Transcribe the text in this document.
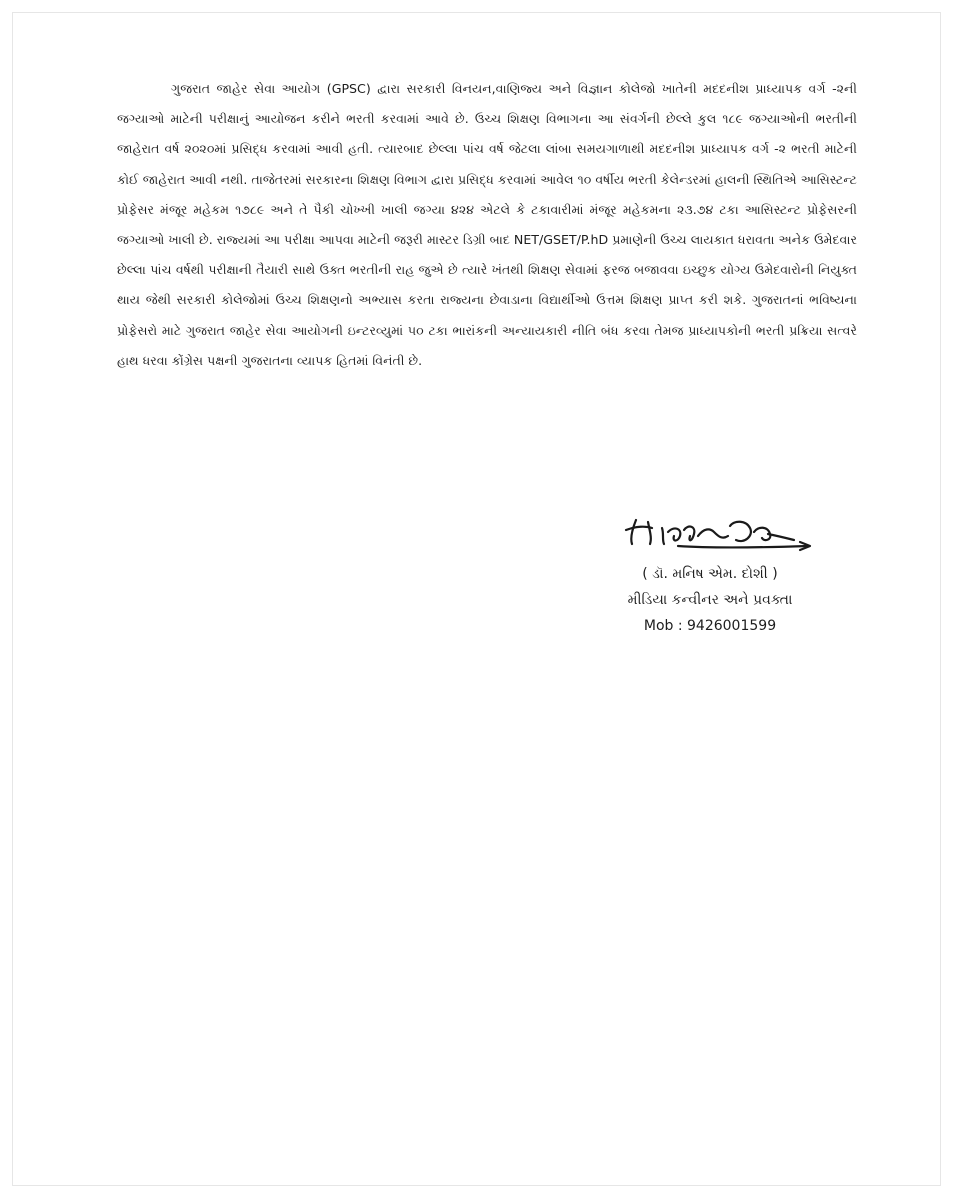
ગુજરાત જાહેર સેવા આયોગ (GPSC) દ્વારા સરકારી વિનયન,વાણિજ્ય અને વિજ્ઞાન કોલેજો ખાતેની મદદનીશ પ્રાધ્યાપક વર્ગ -૨ની જગ્યાઓ માટેની પરીક્ષાનું આયોજન કરીને ભરતી કરવામાં આવે છે. ઉચ્ચ શિક્ષણ વિભાગના આ સંવર્ગની છેલ્લે કુલ ૧૮૯ જગ્યાઓની ભરતીની જાહેરાત વર્ષ ૨૦૨૦માં પ્રસિદ્ધ કરવામાં આવી હતી. ત્યારબાદ છેલ્લા પાંચ વર્ષ જેટલા લાંબા સમયગાળાથી મદદનીશ પ્રાધ્યાપક વર્ગ -૨ ભરતી માટેની કોઈ જાહેરાત આવી નથી. તાજેતરમાં સરકારના શિક્ષણ વિભાગ દ્વારા પ્રસિદ્ધ કરવામાં આવેલ ૧૦ વર્ષીય ભરતી કેલેન્ડરમાં હાલની સ્થિતિએ આસિસ્ટન્ટ પ્રોફેસર મંજૂર મહેકમ ૧૭૮૯ અને તે પૈકી ચોખ્ખી ખાલી જગ્યા ૪૨૪ એટલે કે ટકાવારીમાં મંજૂર મહેકમના ૨૩.૭૪ ટકા આસિસ્ટન્ટ પ્રોફેસરની જગ્યાઓ ખાલી છે. રાજ્યમાં આ પરીક્ષા આપવા માટેની જરૂરી માસ્ટર ડિગ્રી બાદ NET/GSET/P.hD પ્રમાણેની ઉચ્ચ લાયકાત ધરાવતા અનેક ઉમેદવાર છેલ્લા પાંચ વર્ષથી પરીક્ષાની તૈયારી સાથે ઉક્ત ભરતીની રાહ જુએ છે ત્યારે ખંતથી શિક્ષણ સેવામાં ફરજ બજાવવા ઇચ્છુક યોગ્ય ઉમેદવારોની નિયુક્ત થાય જેથી સરકારી કોલેજોમાં ઉચ્ચ શિક્ષણનો અભ્યાસ કરતા રાજ્યના છેવાડાના વિદ્યાર્થીઓ ઉત્તમ શિક્ષણ પ્રાપ્ત કરી શકે. ગુજરાતનાં ભવિષ્યના પ્રોફેસરો માટે ગુજરાત જાહેર સેવા આયોગની ઇન્ટરવ્યુમાં ૫૦ ટકા ભારાંકની અન્યાયકારી નીતિ બંધ કરવા તેમજ પ્રાધ્યાપકોની ભરતી પ્રક્રિયા સત્વરે હાથ ધરવા કોંગ્રેસ પક્ષની ગુજરાતના વ્યાપક હિતમાં વિનંતી છે.

( ડૉ. મનિષ એમ. દોશી )
મીડિયા કન્વીનર અને પ્રવક્તા
Mob : 9426001599
